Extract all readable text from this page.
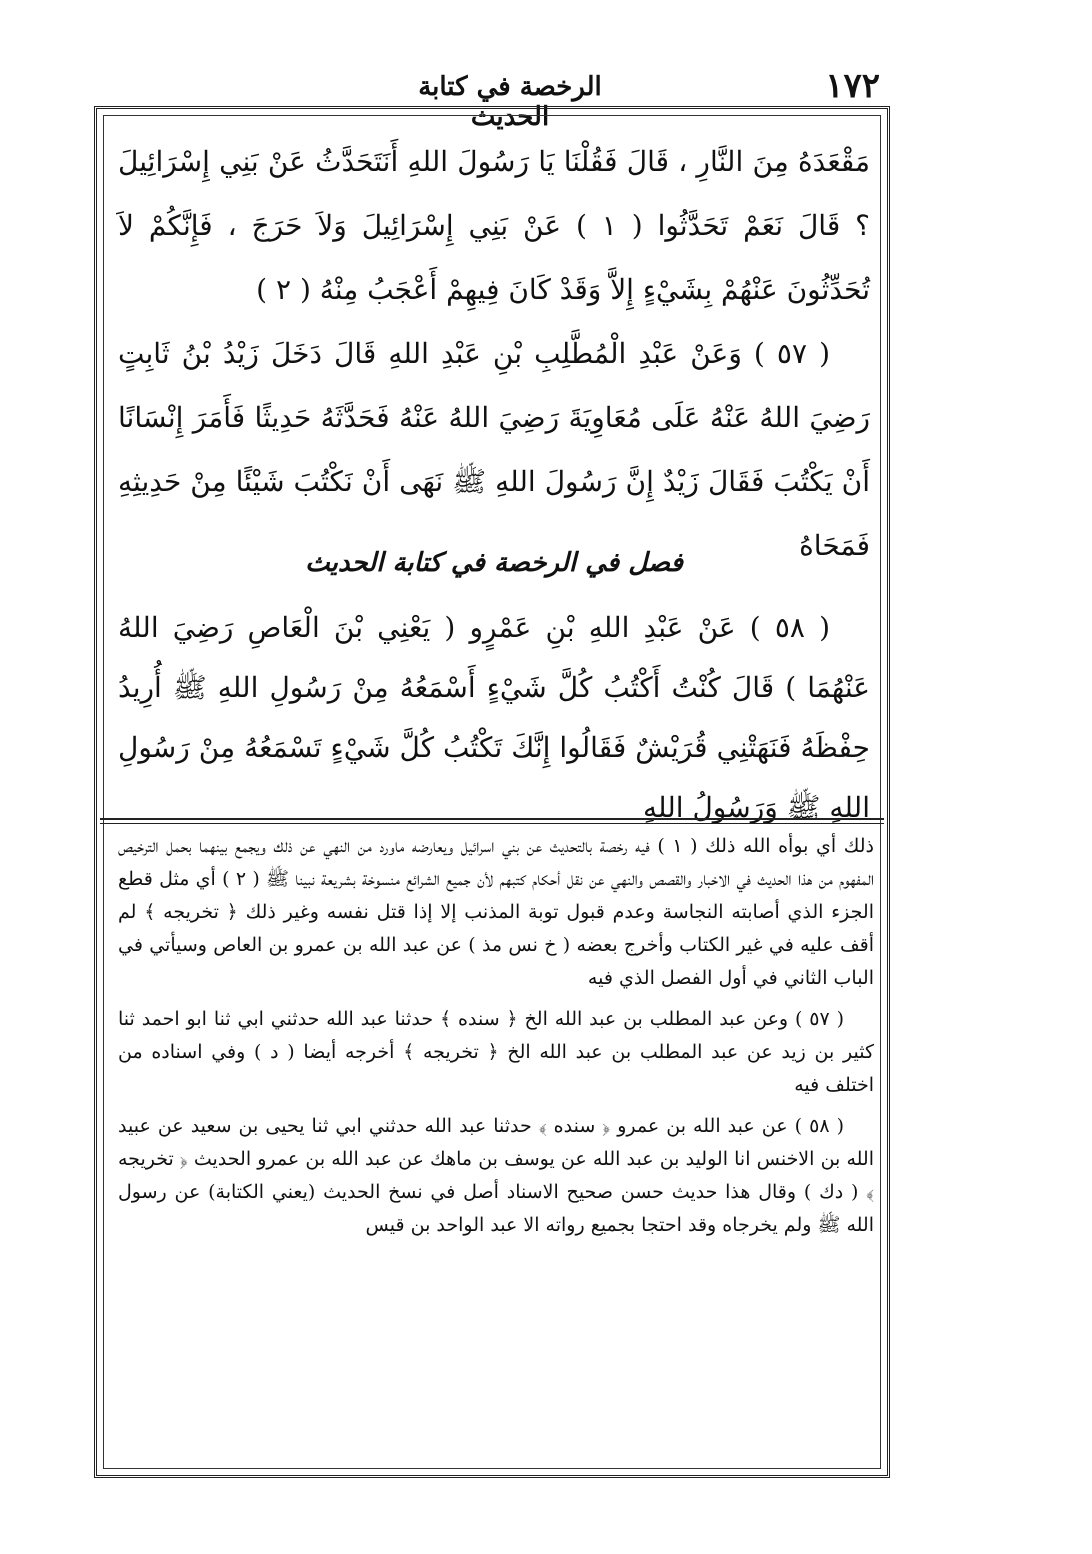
١٧٢
الرخصة في كتابة الحديث

مَقْعَدَهُ مِنَ النَّارِ ، قَالَ فَقُلْنَا يَا رَسُولَ اللهِ أَنَتَحَدَّثُ عَنْ بَنِي إِسْرَائِيلَ ؟ قَالَ نَعَمْ تَحَدَّثُوا ( ١ ) عَنْ بَنِي إِسْرَائِيلَ وَلاَ حَرَجَ ، فَإِنَّكُمْ لاَ تُحَدِّثُونَ عَنْهُمْ بِشَيْءٍ إِلاَّ وَقَدْ كَانَ فِيهِمْ أَعْجَبُ مِنْهُ ( ٢ )

( ٥٧ ) وَعَنْ عَبْدِ الْمُطَّلِبِ بْنِ عَبْدِ اللهِ قَالَ دَخَلَ زَيْدُ بْنُ ثَابِتٍ رَضِيَ اللهُ عَنْهُ عَلَى مُعَاوِيَةَ رَضِيَ اللهُ عَنْهُ فَحَدَّثَهُ حَدِيثًا فَأَمَرَ إِنْسَانًا أَنْ يَكْتُبَ فَقَالَ زَيْدٌ إِنَّ رَسُولَ اللهِ ﷺ نَهَى أَنْ نَكْتُبَ شَيْئًا مِنْ حَدِيثِهِ فَمَحَاهُ

فصل في الرخصة في كتابة الحديث

( ٥٨ ) عَنْ عَبْدِ اللهِ بْنِ عَمْرٍو ( يَعْنِي بْنَ الْعَاصِ رَضِيَ اللهُ عَنْهُمَا ) قَالَ كُنْتُ أَكْتُبُ كُلَّ شَيْءٍ أَسْمَعُهُ مِنْ رَسُولِ اللهِ ﷺ أُرِيدُ حِفْظَهُ فَنَهَتْنِي قُرَيْشٌ فَقَالُوا إِنَّكَ تَكْتُبُ كُلَّ شَيْءٍ تَسْمَعُهُ مِنْ رَسُولِ اللهِ ﷺ وَرَسُولُ اللهِ

ذلك أي بوأه الله ذلك ( ١ ) فيه رخصة بالتحديث عن بني اسرائيل ويعارضه ماورد من النهي عن ذلك ويجمع بينهما بحمل الترخيص المفهوم من هذا الحديث في الاخبار والقصص والنهي عن نقل أحكام كتبهم لأن جميع الشرائع منسوخة بشريعة نبينا ﷺ ( ٢ ) أي مثل قطع الجزء الذي أصابته النجاسة وعدم قبول توبة المذنب إلا إذا قتل نفسه وغير ذلك ﴿ تخريجه ﴾ لم أقف عليه في غير الكتاب وأخرج بعضه ( خ نس مذ ) عن عبد الله بن عمرو بن العاص وسيأتي في الباب الثاني في أول الفصل الذي فيه

( ٥٧ ) وعن عبد المطلب بن عبد الله الخ ﴿ سنده ﴾ حدثنا عبد الله حدثني ابي ثنا ابو احمد ثنا كثير بن زيد عن عبد المطلب بن عبد الله الخ ﴿ تخريجه ﴾ أخرجه أيضا ( د ) وفي اسناده من اختلف فيه

( ٥٨ ) عن عبد الله بن عمرو ﴿ سنده ﴾ حدثنا عبد الله حدثني ابي ثنا يحيى بن سعيد عن عبيد الله بن الاخنس انا الوليد بن عبد الله عن يوسف بن ماهك عن عبد الله بن عمرو الحديث ﴿ تخريجه ﴾ ( دك ) وقال هذا حديث حسن صحيح الاسناد أصل في نسخ الحديث (يعني الكتابة) عن رسول الله ﷺ ولم يخرجاه وقد احتجا بجميع رواته الا عبد الواحد بن قيس
